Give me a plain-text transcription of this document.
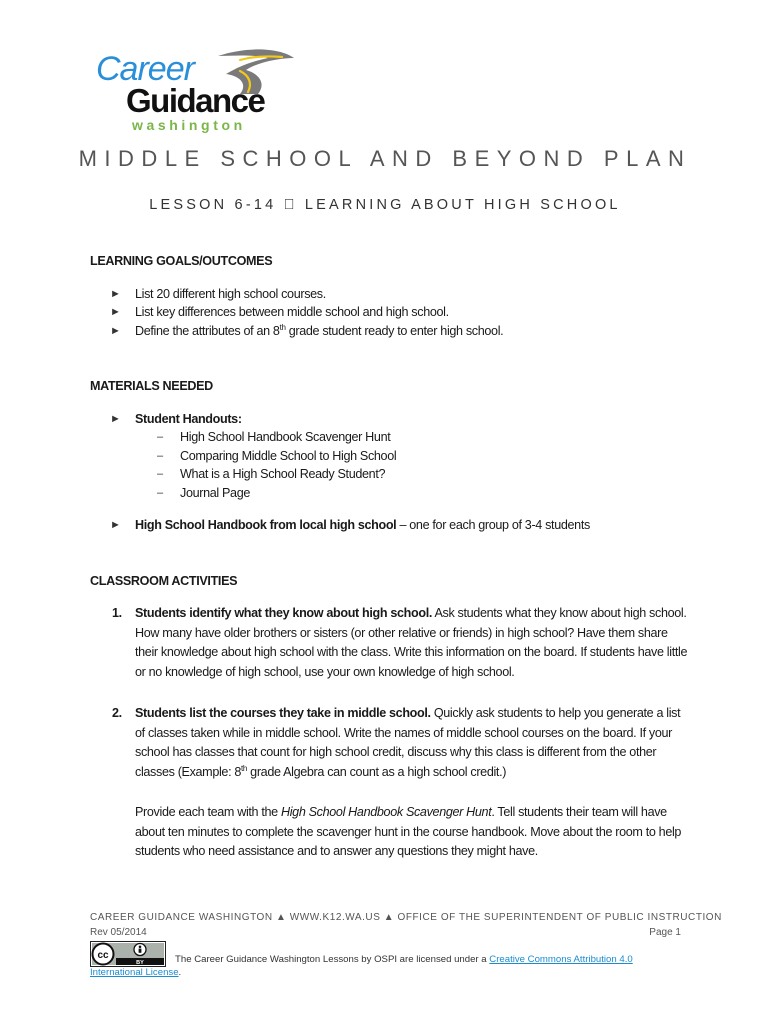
Career
Guidance
washington
MIDDLE SCHOOL AND BEYOND PLAN
LESSON 6-14 LEARNING ABOUT HIGH SCHOOL

LEARNING GOALS/OUTCOMES

► List 20 different high school courses.
► List key differences between middle school and high school.
► Define the attributes of an 8th grade student ready to enter high school.

MATERIALS NEEDED

► Student Handouts:
– High School Handbook Scavenger Hunt
– Comparing Middle School to High School
– What is a High School Ready Student?
– Journal Page
► High School Handbook from local high school – one for each group of 3-4 students

CLASSROOM ACTIVITIES

1. Students identify what they know about high school. Ask students what they know about high school. How many have older brothers or sisters (or other relative or friends) in high school? Have them share their knowledge about high school with the class. Write this information on the board. If students have little or no knowledge of high school, use your own knowledge of high school.
2. Students list the courses they take in middle school. Quickly ask students to help you generate a list of classes taken while in middle school. Write the names of middle school courses on the board. If your school has classes that count for high school credit, discuss why this class is different from the other classes (Example: 8th grade Algebra can count as a high school credit.)
Provide each team with the High School Handbook Scavenger Hunt. Tell students their team will have about ten minutes to complete the scavenger hunt in the course handbook. Move about the room to help students who need assistance and to answer any questions they might have.
CAREER GUIDANCE WASHINGTON ▲ WWW.K12.WA.US ▲ OFFICE OF THE SUPERINTENDENT OF PUBLIC INSTRUCTION
Rev 05/2014	Page 1
cc
BY	The Career Guidance Washington Lessons by OSPI are licensed under a Creative Commons Attribution 4.0 International License.
